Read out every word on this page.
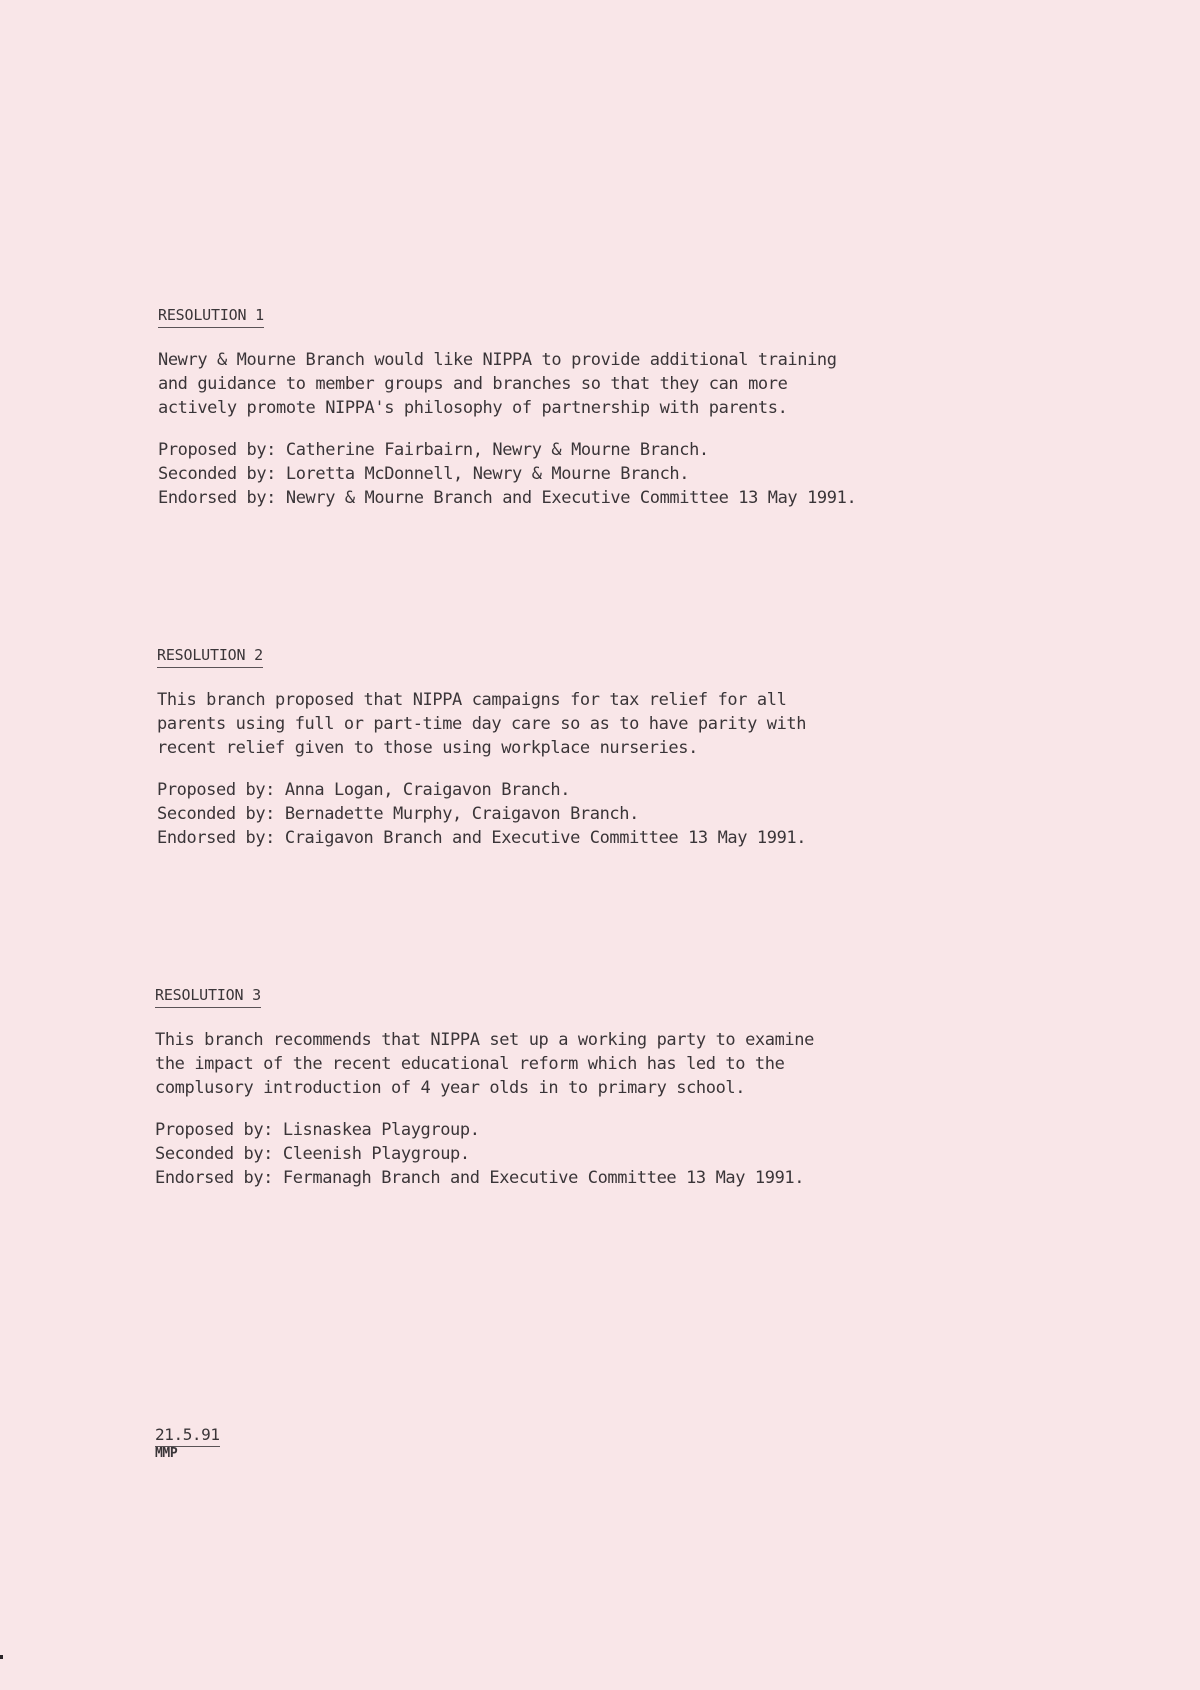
RESOLUTION 1

Newry & Mourne Branch would like NIPPA to provide additional training

and guidance to member groups and branches so that they can more

actively promote NIPPA's philosophy of partnership with parents.

Proposed by: Catherine Fairbairn, Newry & Mourne Branch.

Seconded by: Loretta McDonnell, Newry & Mourne Branch.

Endorsed by: Newry & Mourne Branch and Executive Committee 13 May 1991.

RESOLUTION 2

This branch proposed that NIPPA campaigns for tax relief for all

parents using full or part-time day care so as to have parity with

recent relief given to those using workplace nurseries.

Proposed by: Anna Logan, Craigavon Branch.

Seconded by: Bernadette Murphy, Craigavon Branch.

Endorsed by: Craigavon Branch and Executive Committee 13 May 1991.

RESOLUTION 3

This branch recommends that NIPPA set up a working party to examine

the impact of the recent educational reform which has led to the

complusory introduction of 4 year olds in to primary school.

Proposed by: Lisnaskea Playgroup.

Seconded by: Cleenish Playgroup.

Endorsed by: Fermanagh Branch and Executive Committee 13 May 1991.

21.5.91
MMP
